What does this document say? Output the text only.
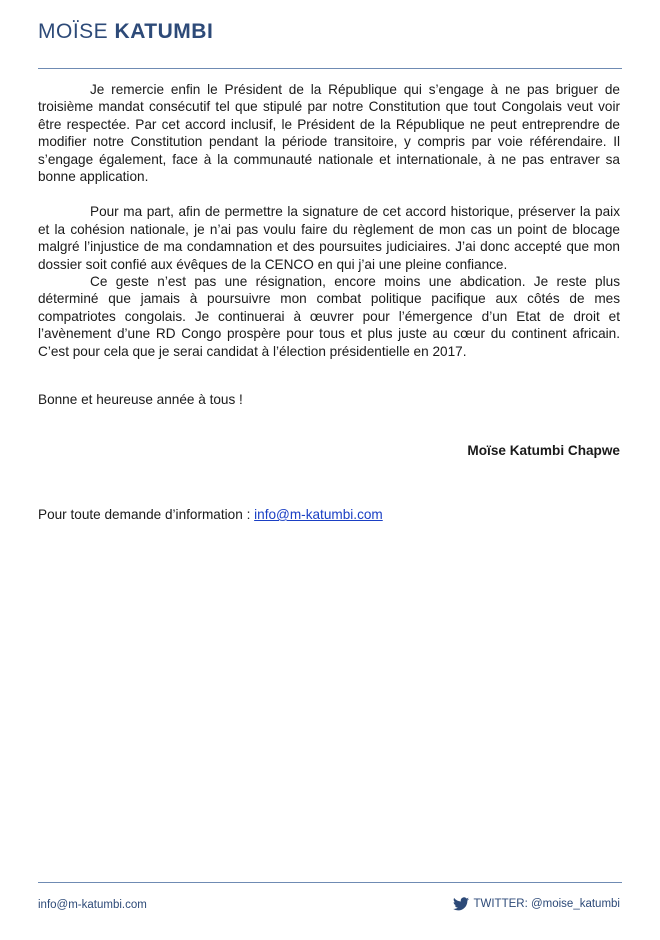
MOÏSE KATUMBI

Je remercie enfin le Président de la République qui s’engage à ne pas briguer de troisième mandat consécutif tel que stipulé par notre Constitution que tout Congolais veut voir être respectée. Par cet accord inclusif, le Président de la République ne peut entreprendre de modifier notre Constitution pendant la période transitoire, y compris par voie référendaire. Il s’engage également, face à la communauté nationale et internationale, à ne pas entraver sa bonne application.

Pour ma part, afin de permettre la signature de cet accord historique, préserver la paix et la cohésion nationale, je n’ai pas voulu faire du règlement de mon cas un point de blocage malgré l’injustice de ma condamnation et des poursuites judiciaires. J’ai donc accepté que mon dossier soit confié aux évêques de la CENCO en qui j’ai une pleine confiance.

Ce geste n’est pas une résignation, encore moins une abdication. Je reste plus déterminé que jamais à poursuivre mon combat politique pacifique aux côtés de mes compatriotes congolais. Je continuerai à œuvrer pour l’émergence d’un Etat de droit et l’avènement d’une RD Congo prospère pour tous et plus juste au cœur du continent africain. C’est pour cela que je serai candidat à l’élection présidentielle en 2017.

Bonne et heureuse année à tous !
Moïse Katumbi Chapwe
Pour toute demande d’information : info@m-katumbi.com
info@m-katumbi.com	TWITTER: @moise_katumbi
